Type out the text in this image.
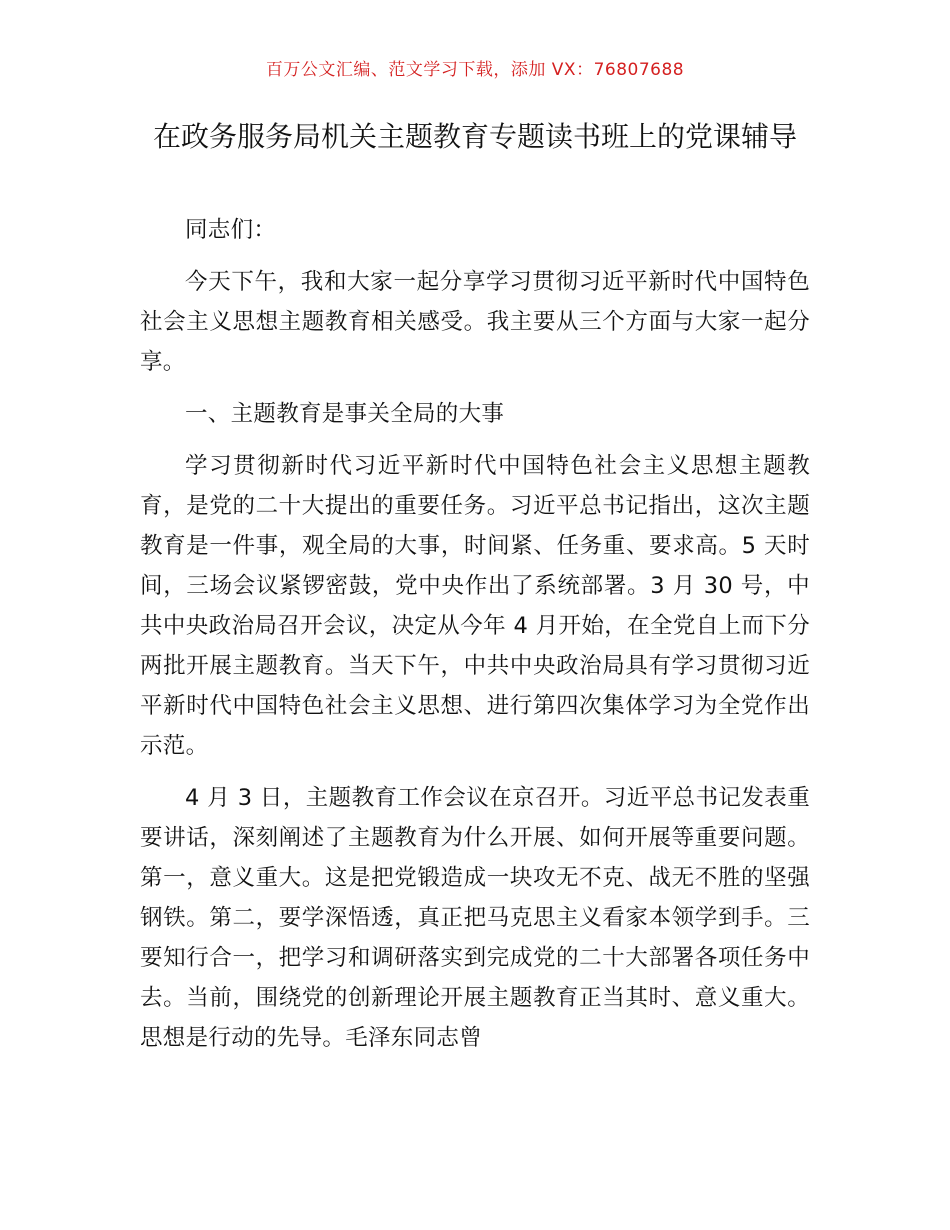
百万公文汇编、范文学习下载，添加 VX：76807688
在政务服务局机关主题教育专题读书班上的党课辅导

同志们：

今天下午，我和大家一起分享学习贯彻习近平新时代中国特色社会主义思想主题教育相关感受。我主要从三个方面与大家一起分享。

一、主题教育是事关全局的大事

学习贯彻新时代习近平新时代中国特色社会主义思想主题教育，是党的二十大提出的重要任务。习近平总书记指出，这次主题教育是一件事，观全局的大事，时间紧、任务重、要求高。5 天时间，三场会议紧锣密鼓，党中央作出了系统部署。3 月 30 号，中共中央政治局召开会议，决定从今年 4 月开始，在全党自上而下分两批开展主题教育。当天下午，中共中央政治局具有学习贯彻习近平新时代中国特色社会主义思想、进行第四次集体学习为全党作出示范。

4 月 3 日，主题教育工作会议在京召开。习近平总书记发表重要讲话，深刻阐述了主题教育为什么开展、如何开展等重要问题。第一，意义重大。这是把党锻造成一块攻无不克、战无不胜的坚强钢铁。第二，要学深悟透，真正把马克思主义看家本领学到手。三要知行合一，把学习和调研落实到完成党的二十大部署各项任务中去。当前，围绕党的创新理论开展主题教育正当其时、意义重大。思想是行动的先导。毛泽东同志曾
